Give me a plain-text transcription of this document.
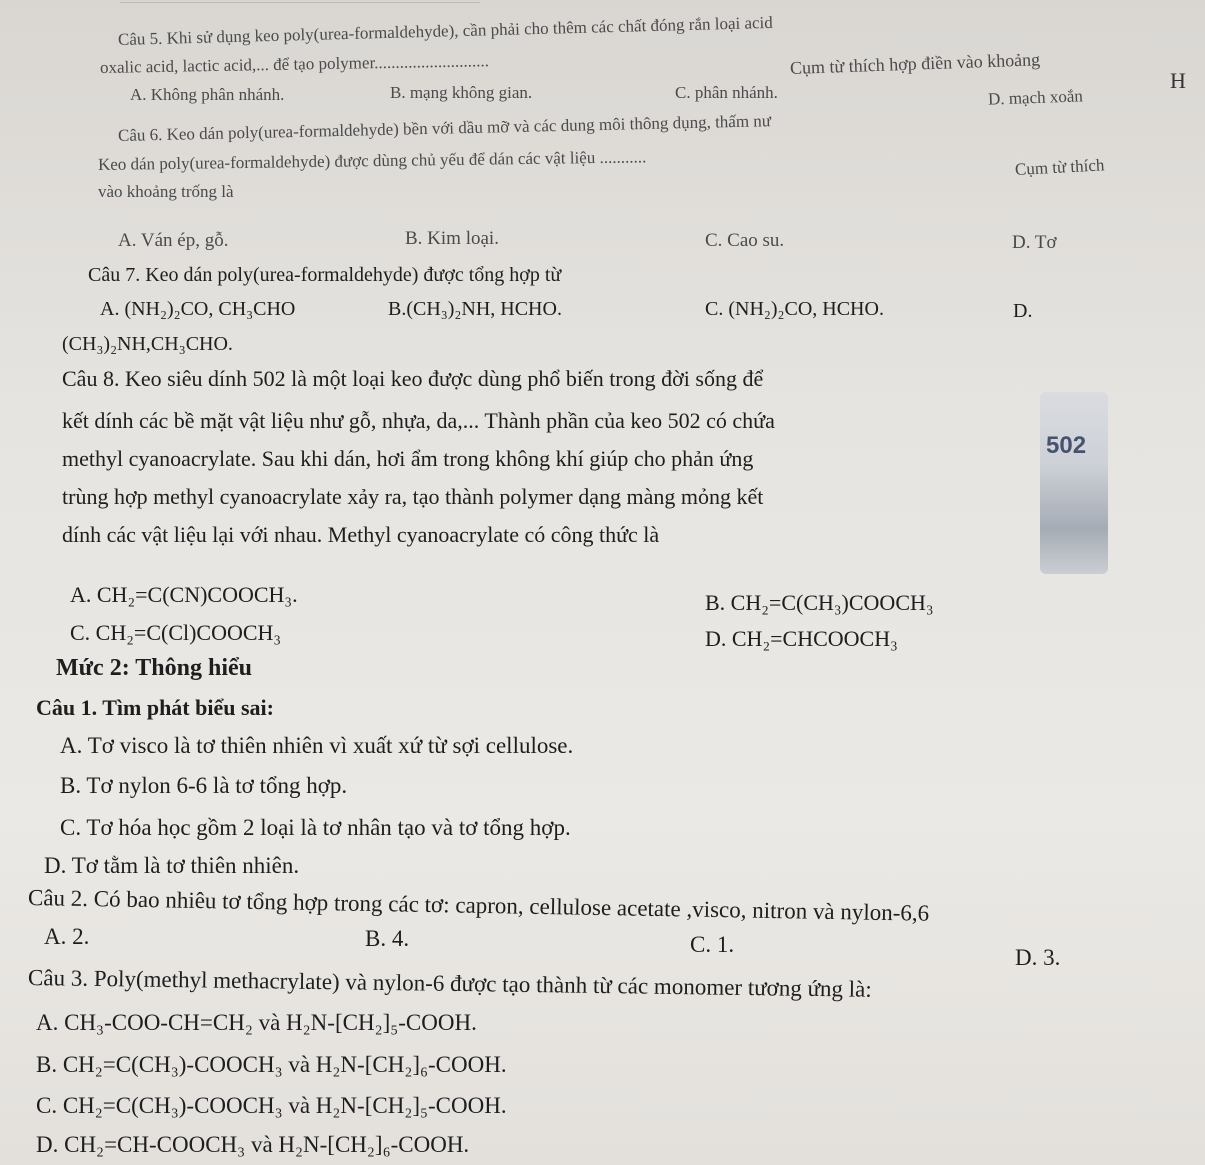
H
Câu 5. Khi sử dụng keo poly(urea-formaldehyde), cần phải cho thêm các chất đóng rắn loại acid
oxalic acid, lactic acid,... để tạo polymer...........................	Cụm từ thích hợp điền vào khoảng
A. Không phân nhánh.	B. mạng không gian.	C. phân nhánh.	D. mạch xoắn
Câu 6. Keo dán poly(urea-formaldehyde) bền với dầu mỡ và các dung môi thông dụng, thấm nư
Keo dán poly(urea-formaldehyde) được dùng chủ yếu để dán các vật liệu ...........	Cụm từ thích
vào khoảng trống là
A. Ván ép, gỗ.	B. Kim loại.	C. Cao su.	D. Tơ
Câu 7. Keo dán poly(urea-formaldehyde) được tổng hợp từ
A. (NH₂)₂CO, CH₃CHO	B.(CH₃)₂NH, HCHO.	C. (NH₂)₂CO, HCHO.	D.
(CH₃)₂NH,CH₃CHO.
Câu 8. Keo siêu dính 502 là một loại keo được dùng phổ biến trong đời sống để
kết dính các bề mặt vật liệu như gỗ, nhựa, da,... Thành phần của keo 502 có chứa
methyl cyanoacrylate. Sau khi dán, hơi ẩm trong không khí giúp cho phản ứng
trùng hợp methyl cyanoacrylate xảy ra, tạo thành polymer dạng màng mỏng kết
dính các vật liệu lại với nhau. Methyl cyanoacrylate có công thức là
502
A. CH₂=C(CN)COOCH₃.	B. CH₂=C(CH₃)COOCH₃
C. CH₂=C(Cl)COOCH₃	D. CH₂=CHCOOCH₃
Mức 2: Thông hiểu
Câu 1. Tìm phát biểu sai:
A. Tơ visco là tơ thiên nhiên vì xuất xứ từ sợi cellulose.
B. Tơ nylon 6-6 là tơ tổng hợp.
C. Tơ hóa học gồm 2 loại là tơ nhân tạo và tơ tổng hợp.
D. Tơ tằm là tơ thiên nhiên.
Câu 2. Có bao nhiêu tơ tổng hợp trong các tơ: capron, cellulose acetate ,visco, nitron và nylon-6,6
A. 2.	B. 4.	C. 1.
D. 3.
Câu 3. Poly(methyl methacrylate) và nylon-6 được tạo thành từ các monomer tương ứng là:
A. CH₃-COO-CH=CH₂ và H₂N-[CH₂]₅-COOH.
B. CH₂=C(CH₃)-COOCH₃ và H₂N-[CH₂]₆-COOH.
C. CH₂=C(CH₃)-COOCH₃ và H₂N-[CH₂]₅-COOH.
D. CH₂=CH-COOCH₃ và H₂N-[CH₂]₆-COOH.
